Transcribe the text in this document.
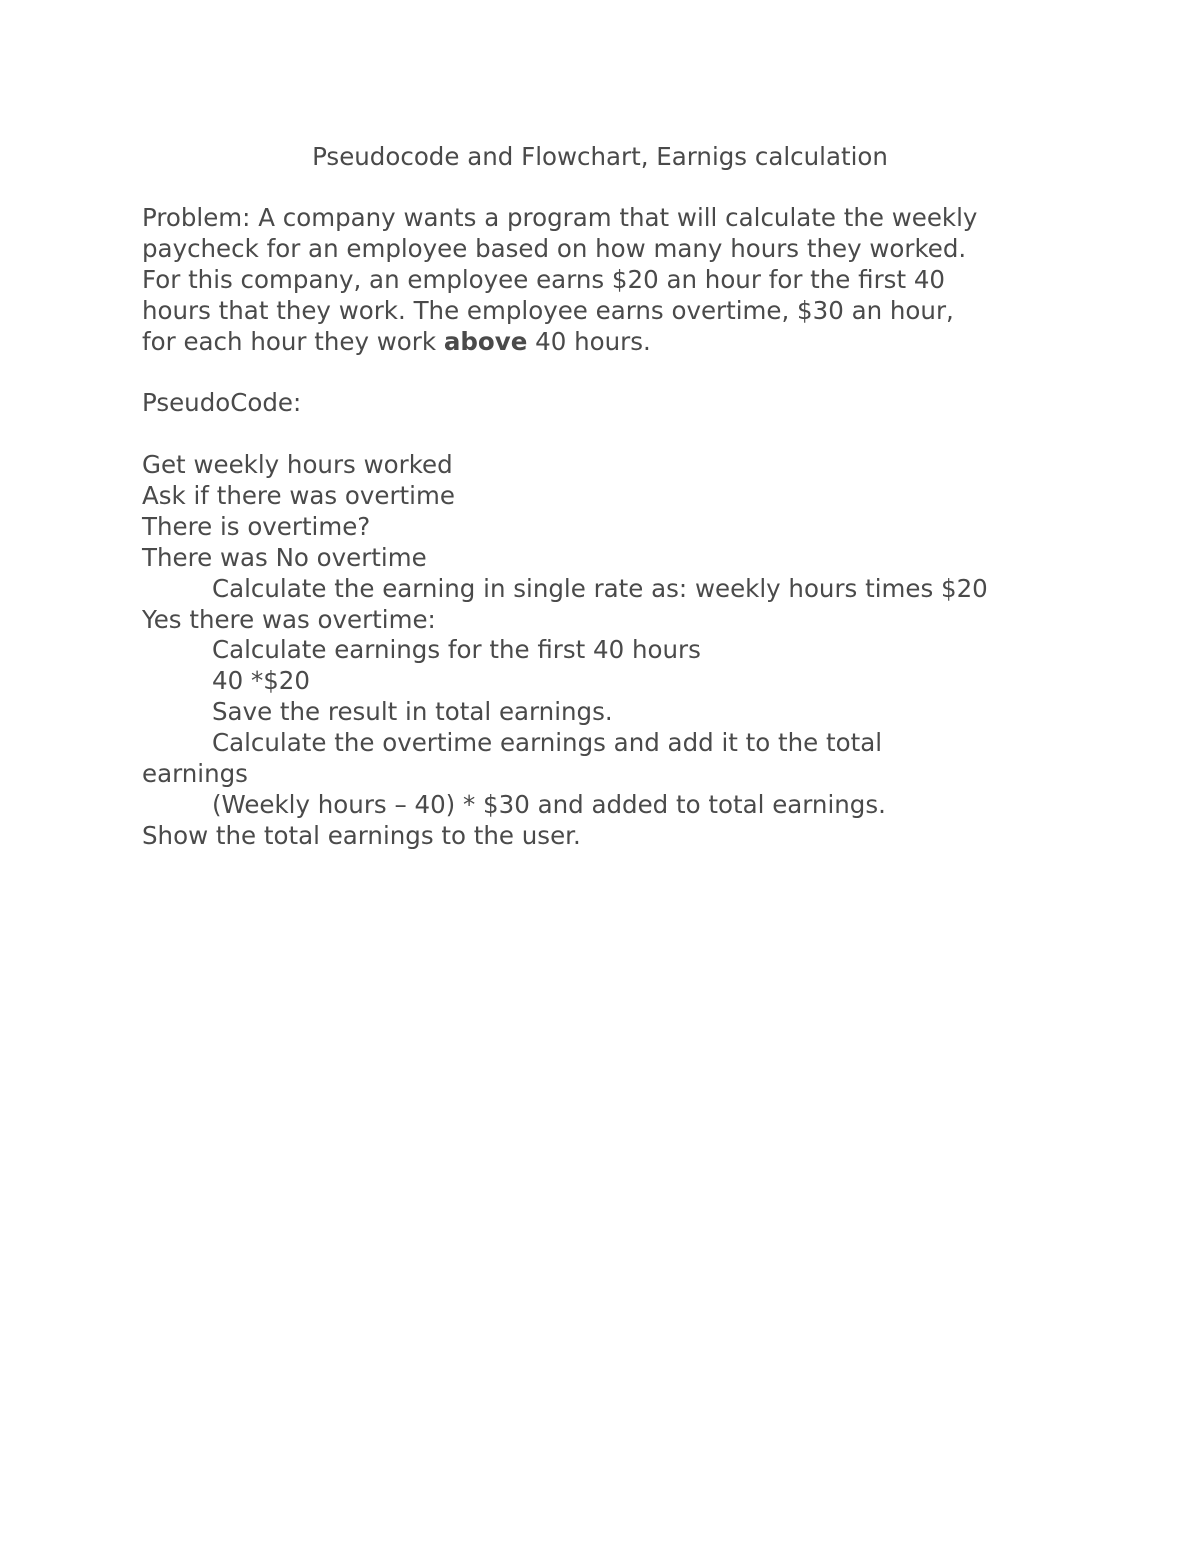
Pseudocode and Flowchart, Earnigs calculation
Problem: A company wants a program that will calculate the weekly
paycheck for an employee based on how many hours they worked.
For this company, an employee earns $20 an hour for the first 40
hours that they work. The employee earns overtime, $30 an hour,
for each hour they work above 40 hours.
PseudoCode:
Get weekly hours worked
Ask if there was overtime
There is overtime?
There was No overtime
Calculate the earning in single rate as: weekly hours times $20
Yes there was overtime:
Calculate earnings for the first 40 hours
40 *$20
Save the result in total earnings.
Calculate the overtime earnings and add it to the total
earnings
(Weekly hours – 40) * $30 and added to total earnings.
Show the total earnings to the user.
